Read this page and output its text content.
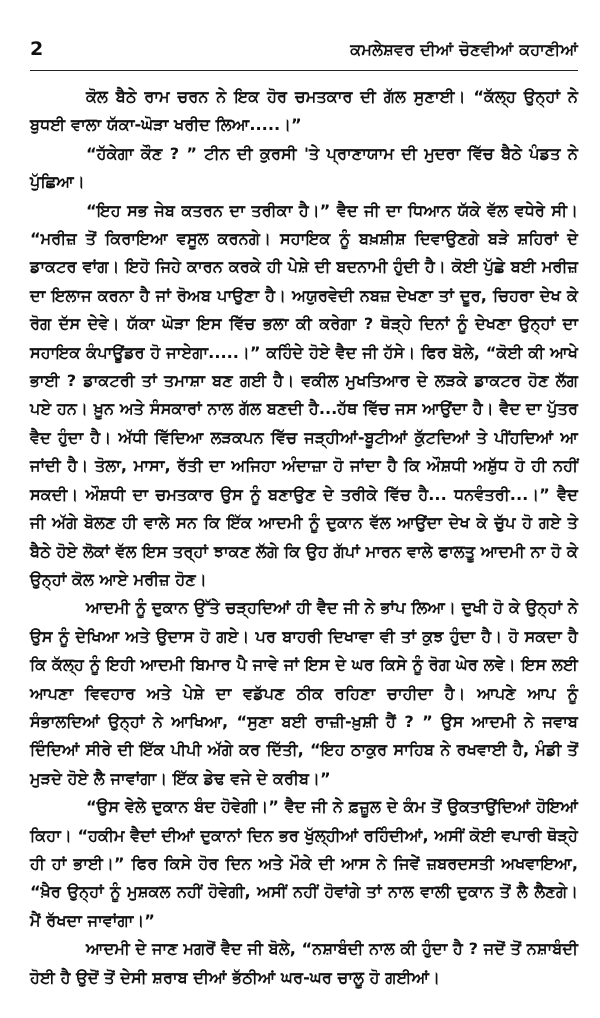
2	ਕਮਲੇਸ਼ਵਰ ਦੀਆਂ ਚੋਣਵੀਆਂ ਕਹਾਣੀਆਂ

ਕੋਲ ਬੈਠੇ ਰਾਮ ਚਰਨ ਨੇ ਇਕ ਹੋਰ ਚਮਤਕਾਰ ਦੀ ਗੱਲ ਸੁਣਾਈ। “ਕੱਲ੍ਹ ਉਨ੍ਹਾਂ ਨੇ ਬੁਧਈ ਵਾਲਾ ਯੱਕਾ-ਘੋੜਾ ਖਰੀਦ ਲਿਆ.....।”

“ਹੱਕੇਗਾ ਕੌਣ ? ” ਟੀਨ ਦੀ ਕੁਰਸੀ 'ਤੇ ਪ੍ਰਾਣਾਯਾਮ ਦੀ ਮੁਦਰਾ ਵਿੱਚ ਬੈਠੇ ਪੰਡਤ ਨੇ ਪੁੱਛਿਆ।

“ਇਹ ਸਭ ਜੇਬ ਕਤਰਨ ਦਾ ਤਰੀਕਾ ਹੈ।” ਵੈਦ ਜੀ ਦਾ ਧਿਆਨ ਯੱਕੇ ਵੱਲ ਵਧੇਰੇ ਸੀ। “ਮਰੀਜ਼ ਤੋਂ ਕਿਰਾਇਆ ਵਸੂਲ ਕਰਨਗੇ। ਸਹਾਇਕ ਨੂੰ ਬਖ਼ਸ਼ੀਸ਼ ਦਿਵਾਉਣਗੇ ਬੜੇ ਸ਼ਹਿਰਾਂ ਦੇ ਡਾਕਟਰ ਵਾਂਗ। ਇਹੋ ਜਿਹੇ ਕਾਰਨ ਕਰਕੇ ਹੀ ਪੇਸ਼ੇ ਦੀ ਬਦਨਾਮੀ ਹੁੰਦੀ ਹੈ। ਕੋਈ ਪੁੱਛੇ ਬਈ ਮਰੀਜ਼ ਦਾ ਇਲਾਜ ਕਰਨਾ ਹੈ ਜਾਂ ਰੋਅਬ ਪਾਉਣਾ ਹੈ। ਅਯੁਰਵੇਦੀ ਨਬਜ਼ ਦੇਖਣਾ ਤਾਂ ਦੂਰ, ਚਿਹਰਾ ਦੇਖ ਕੇ ਰੋਗ ਦੱਸ ਦੇਵੇ। ਯੱਕਾ ਘੋੜਾ ਇਸ ਵਿੱਚ ਭਲਾ ਕੀ ਕਰੇਗਾ ? ਥੋੜ੍ਹੇ ਦਿਨਾਂ ਨੂੰ ਦੇਖਣਾ ਉਨ੍ਹਾਂ ਦਾ ਸਹਾਇਕ ਕੰਪਾਊਂਡਰ ਹੋ ਜਾਏਗਾ.....।” ਕਹਿੰਦੇ ਹੋਏ ਵੈਦ ਜੀ ਹੱਸੇ। ਫਿਰ ਬੋਲੇ, “ਕੋਈ ਕੀ ਆਖੇ ਭਾਈ ? ਡਾਕਟਰੀ ਤਾਂ ਤਮਾਸ਼ਾ ਬਣ ਗਈ ਹੈ। ਵਕੀਲ ਮੁਖਤਿਆਰ ਦੇ ਲੜਕੇ ਡਾਕਟਰ ਹੋਣ ਲੱਗ ਪਏ ਹਨ। ਖ਼ੂਨ ਅਤੇ ਸੰਸਕਾਰਾਂ ਨਾਲ ਗੱਲ ਬਣਦੀ ਹੈ...ਹੱਥ ਵਿੱਚ ਜਸ ਆਉਂਦਾ ਹੈ। ਵੈਦ ਦਾ ਪੁੱਤਰ ਵੈਦ ਹੁੰਦਾ ਹੈ। ਅੱਧੀ ਵਿੱਦਿਆ ਲੜਕਪਨ ਵਿੱਚ ਜੜ੍ਹੀਆਂ-ਬੂਟੀਆਂ ਕੁੱਟਦਿਆਂ ਤੇ ਪੀਂਹਦਿਆਂ ਆ ਜਾਂਦੀ ਹੈ। ਤੋਲਾ, ਮਾਸਾ, ਰੱਤੀ ਦਾ ਅਜਿਹਾ ਅੰਦਾਜ਼ਾ ਹੋ ਜਾਂਦਾ ਹੈ ਕਿ ਔਸ਼ਧੀ ਅਸ਼ੁੱਧ ਹੋ ਹੀ ਨਹੀਂ ਸਕਦੀ। ਔਸ਼ਧੀ ਦਾ ਚਮਤਕਾਰ ਉਸ ਨੂੰ ਬਣਾਉਣ ਦੇ ਤਰੀਕੇ ਵਿੱਚ ਹੈ... ਧਨਵੰਤਰੀ...।” ਵੈਦ ਜੀ ਅੱਗੇ ਬੋਲਣ ਹੀ ਵਾਲੇ ਸਨ ਕਿ ਇੱਕ ਆਦਮੀ ਨੂੰ ਦੁਕਾਨ ਵੱਲ ਆਉਂਦਾ ਦੇਖ ਕੇ ਚੁੱਪ ਹੋ ਗਏ ਤੇ ਬੈਠੇ ਹੋਏ ਲੋਕਾਂ ਵੱਲ ਇਸ ਤਰ੍ਹਾਂ ਝਾਕਣ ਲੱਗੇ ਕਿ ਉਹ ਗੱਪਾਂ ਮਾਰਨ ਵਾਲੇ ਫਾਲਤੂ ਆਦਮੀ ਨਾ ਹੋ ਕੇ ਉਨ੍ਹਾਂ ਕੋਲ ਆਏ ਮਰੀਜ਼ ਹੋਣ।

ਆਦਮੀ ਨੂੰ ਦੁਕਾਨ ਉੱਤੇ ਚੜ੍ਹਦਿਆਂ ਹੀ ਵੈਦ ਜੀ ਨੇ ਭਾਂਪ ਲਿਆ। ਦੁਖੀ ਹੋ ਕੇ ਉਨ੍ਹਾਂ ਨੇ ਉਸ ਨੂੰ ਦੇਖਿਆ ਅਤੇ ਉਦਾਸ ਹੋ ਗਏ। ਪਰ ਬਾਹਰੀ ਦਿਖਾਵਾ ਵੀ ਤਾਂ ਕੁਝ ਹੁੰਦਾ ਹੈ। ਹੋ ਸਕਦਾ ਹੈ ਕਿ ਕੱਲ੍ਹ ਨੂੰ ਇਹੀ ਆਦਮੀ ਬਿਮਾਰ ਪੈ ਜਾਵੇ ਜਾਂ ਇਸ ਦੇ ਘਰ ਕਿਸੇ ਨੂੰ ਰੋਗ ਘੇਰ ਲਵੇ। ਇਸ ਲਈ ਆਪਣਾ ਵਿਵਹਾਰ ਅਤੇ ਪੇਸ਼ੇ ਦਾ ਵਡੱਪਣ ਠੀਕ ਰਹਿਣਾ ਚਾਹੀਦਾ ਹੈ। ਆਪਣੇ ਆਪ ਨੂੰ ਸੰਭਾਲਦਿਆਂ ਉਨ੍ਹਾਂ ਨੇ ਆਖਿਆ, “ਸੁਣਾ ਬਈ ਰਾਜ਼ੀ-ਖ਼ੁਸ਼ੀ ਹੈਂ ? ” ਉਸ ਆਦਮੀ ਨੇ ਜਵਾਬ ਦਿੰਦਿਆਂ ਸੀਰੇ ਦੀ ਇੱਕ ਪੀਪੀ ਅੱਗੇ ਕਰ ਦਿੱਤੀ, “ਇਹ ਠਾਕੁਰ ਸਾਹਿਬ ਨੇ ਰਖਵਾਈ ਹੈ, ਮੰਡੀ ਤੋਂ ਮੁੜਦੇ ਹੋਏ ਲੈ ਜਾਵਾਂਗਾ। ਇੱਕ ਡੇਢ ਵਜੇ ਦੇ ਕਰੀਬ।”

“ਉਸ ਵੇਲੇ ਦੁਕਾਨ ਬੰਦ ਹੋਵੇਗੀ।” ਵੈਦ ਜੀ ਨੇ ਫ਼ਜ਼ੂਲ ਦੇ ਕੰਮ ਤੋਂ ਉਕਤਾਉਂਦਿਆਂ ਹੋਇਆਂ ਕਿਹਾ। “ਹਕੀਮ ਵੈਦਾਂ ਦੀਆਂ ਦੁਕਾਨਾਂ ਦਿਨ ਭਰ ਖੁੱਲ੍ਹੀਆਂ ਰਹਿੰਦੀਆਂ, ਅਸੀਂ ਕੋਈ ਵਪਾਰੀ ਥੋੜ੍ਹੇ ਹੀ ਹਾਂ ਭਾਈ।” ਫਿਰ ਕਿਸੇ ਹੋਰ ਦਿਨ ਅਤੇ ਮੌਕੇ ਦੀ ਆਸ ਨੇ ਜਿਵੇਂ ਜ਼ਬਰਦਸਤੀ ਅਖਵਾਇਆ, “ਖ਼ੈਰ ਉਨ੍ਹਾਂ ਨੂੰ ਮੁਸ਼ਕਲ ਨਹੀਂ ਹੋਵੇਗੀ, ਅਸੀਂ ਨਹੀਂ ਹੋਵਾਂਗੇ ਤਾਂ ਨਾਲ ਵਾਲੀ ਦੁਕਾਨ ਤੋਂ ਲੈ ਲੈਣਗੇ। ਮੈਂ ਰੱਖਦਾ ਜਾਵਾਂਗਾ।”

ਆਦਮੀ ਦੇ ਜਾਣ ਮਗਰੋਂ ਵੈਦ ਜੀ ਬੋਲੇ, “ਨਸ਼ਾਬੰਦੀ ਨਾਲ ਕੀ ਹੁੰਦਾ ਹੈ ? ਜਦੋਂ ਤੋਂ ਨਸ਼ਾਬੰਦੀ ਹੋਈ ਹੈ ਉਦੋਂ ਤੋਂ ਦੇਸੀ ਸ਼ਰਾਬ ਦੀਆਂ ਭੱਠੀਆਂ ਘਰ-ਘਰ ਚਾਲੂ ਹੋ ਗਈਆਂ।
